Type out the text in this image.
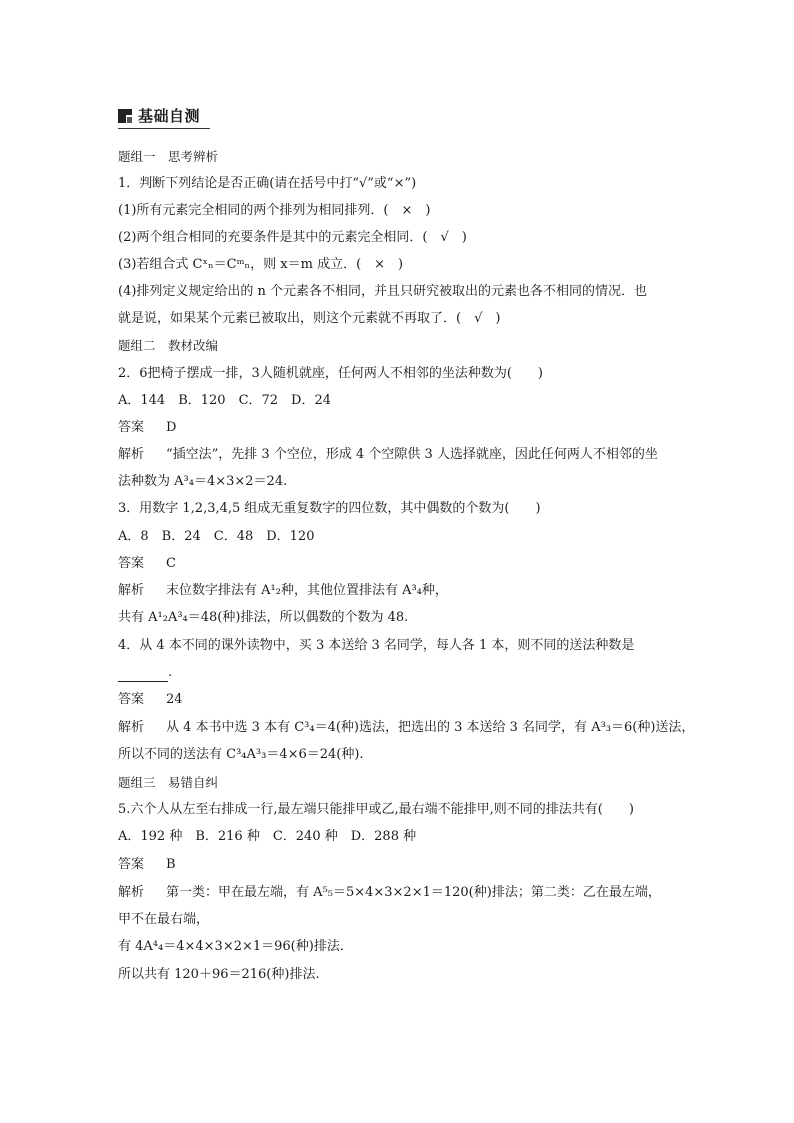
基础自测
题组一　思考辨析
1．判断下列结论是否正确(请在括号中打“√”或“×”)
(1)所有元素完全相同的两个排列为相同排列．(　×　)
(2)两个组合相同的充要条件是其中的元素完全相同．(　√　)
(3)若组合式 Cˣₙ＝Cᵐₙ，则 x＝m 成立．(　×　)
(4)排列定义规定给出的 n 个元素各不相同，并且只研究被取出的元素也各不相同的情况．也
就是说，如果某个元素已被取出，则这个元素就不再取了．(　√　)
题组二　教材改编
2．6把椅子摆成一排，3人随机就座，任何两人不相邻的坐法种数为(　　)
A．144　B．120　C．72　D．24
答案 D
解析 “插空法”，先排 3 个空位，形成 4 个空隙供 3 人选择就座，因此任何两人不相邻的坐
法种数为 A³₄＝4×3×2＝24.
3．用数字 1,2,3,4,5 组成无重复数字的四位数，其中偶数的个数为(　　)
A．8　B．24　C．48　D．120
答案 C
解析 末位数字排法有 A¹₂种，其他位置排法有 A³₄种，
共有 A¹₂A³₄＝48(种)排法，所以偶数的个数为 48.
4．从 4 本不同的课外读物中，买 3 本送给 3 名同学，每人各 1 本，则不同的送法种数是
.
答案 24
解析 从 4 本书中选 3 本有 C³₄＝4(种)选法，把选出的 3 本送给 3 名同学，有 A³₃＝6(种)送法，
所以不同的送法有 C³₄A³₃＝4×6＝24(种).
题组三　易错自纠
5.六个人从左至右排成一行,最左端只能排甲或乙,最右端不能排甲,则不同的排法共有(　　)
A．192 种　B．216 种　C．240 种　D．288 种
答案 B
解析 第一类：甲在最左端，有 A⁵₅＝5×4×3×2×1＝120(种)排法；第二类：乙在最左端，
甲不在最右端，
有 4A⁴₄＝4×4×3×2×1＝96(种)排法．
所以共有 120＋96＝216(种)排法.
